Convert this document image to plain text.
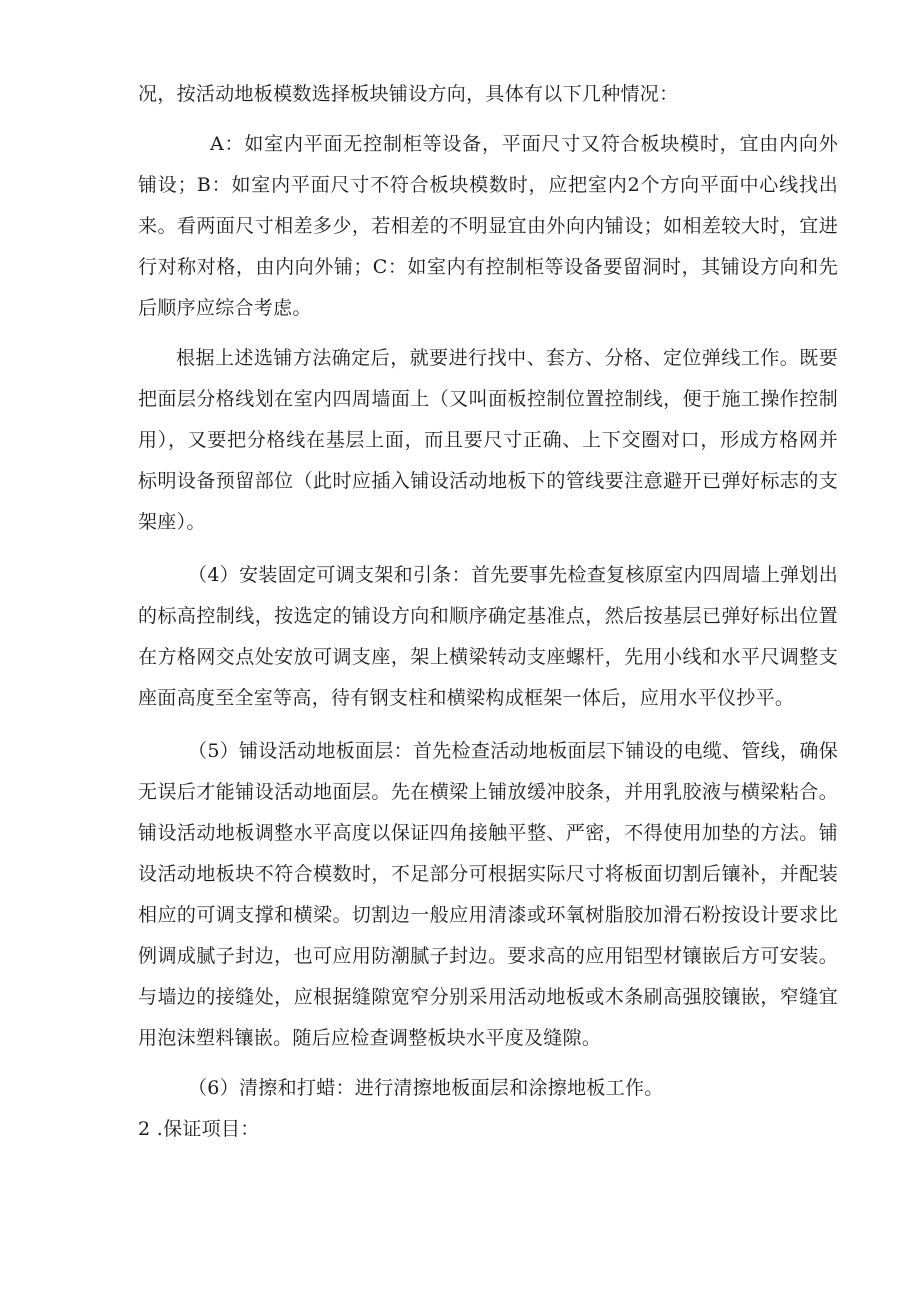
况，按活动地板模数选择板块铺设方向，具体有以下几种情况：

A：如室内平面无控制柜等设备，平面尺寸又符合板块模时，宜由内向外铺设；B：如室内平面尺寸不符合板块模数时，应把室内2个方向平面中心线找出来。看两面尺寸相差多少，若相差的不明显宜由外向内铺设；如相差较大时，宜进行对称对格，由内向外铺；C：如室内有控制柜等设备要留洞时，其铺设方向和先后顺序应综合考虑。

根据上述选铺方法确定后，就要进行找中、套方、分格、定位弹线工作。既要把面层分格线划在室内四周墙面上（又叫面板控制位置控制线，便于施工操作控制用），又要把分格线在基层上面，而且要尺寸正确、上下交圈对口，形成方格网并标明设备预留部位（此时应插入铺设活动地板下的管线要注意避开已弹好标志的支架座）。

（4）安装固定可调支架和引条：首先要事先检查复核原室内四周墙上弹划出的标高控制线，按选定的铺设方向和顺序确定基准点，然后按基层已弹好标出位置在方格网交点处安放可调支座，架上横梁转动支座螺杆，先用小线和水平尺调整支座面高度至全室等高，待有钢支柱和横梁构成框架一体后，应用水平仪抄平。

（5）铺设活动地板面层：首先检查活动地板面层下铺设的电缆、管线，确保无误后才能铺设活动地面层。先在横梁上铺放缓冲胶条，并用乳胶液与横梁粘合。铺设活动地板调整水平高度以保证四角接触平整、严密，不得使用加垫的方法。铺设活动地板块不符合模数时，不足部分可根据实际尺寸将板面切割后镶补，并配装相应的可调支撑和横梁。切割边一般应用清漆或环氧树脂胶加滑石粉按设计要求比例调成腻子封边，也可应用防潮腻子封边。要求高的应用铝型材镶嵌后方可安装。与墙边的接缝处，应根据缝隙宽窄分别采用活动地板或木条刷高强胶镶嵌，窄缝宜用泡沫塑料镶嵌。随后应检查调整板块水平度及缝隙。

（6）清擦和打蜡：进行清擦地板面层和涂擦地板工作。

2 .保证项目：
